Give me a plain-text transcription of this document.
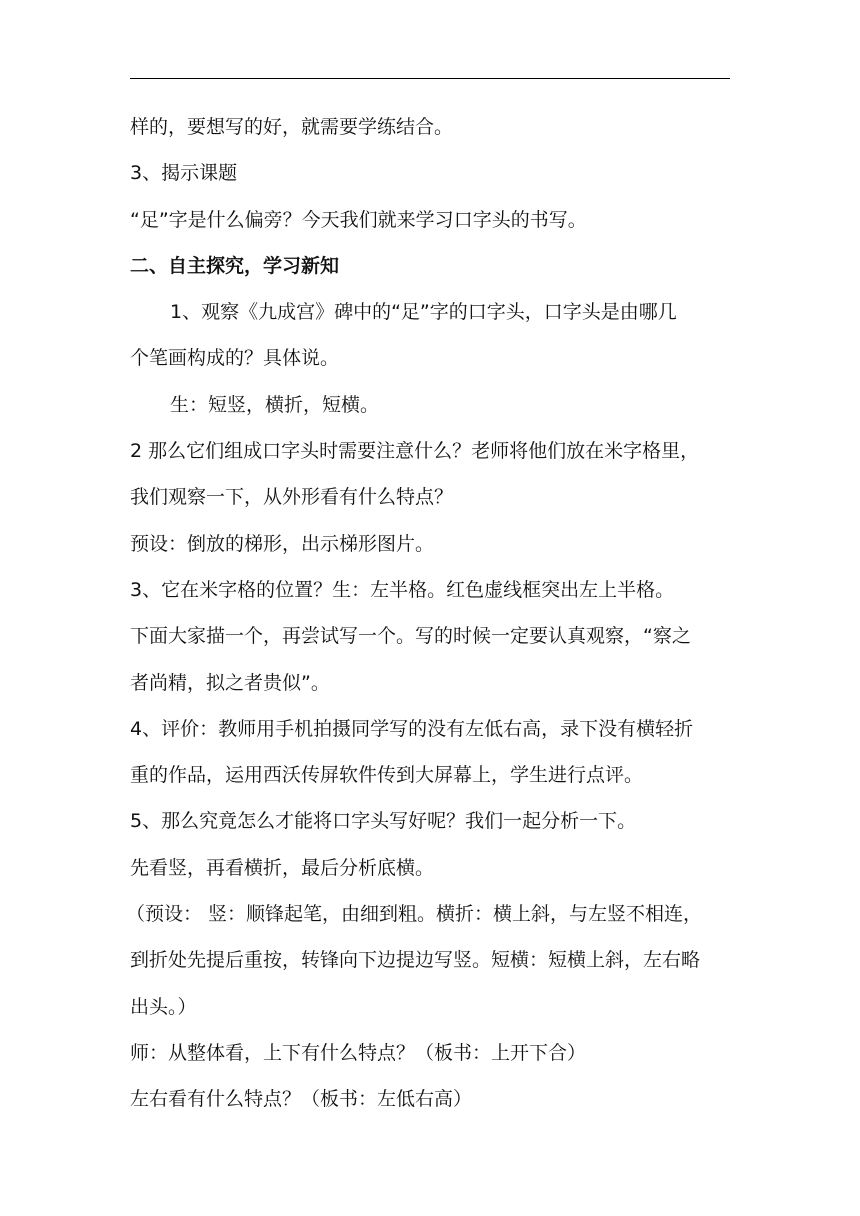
样的，要想写的好，就需要学练结合。
3、揭示课题
“足”字是什么偏旁？今天我们就来学习口字头的书写。
二、自主探究，学习新知
1、观察《九成宫》碑中的“足”字的口字头，口字头是由哪几
个笔画构成的？具体说。
生：短竖，横折，短横。
2 那么它们组成口字头时需要注意什么？老师将他们放在米字格里，
我们观察一下，从外形看有什么特点？
预设：倒放的梯形，出示梯形图片。
3、它在米字格的位置？生：左半格。红色虚线框突出左上半格。
下面大家描一个，再尝试写一个。写的时候一定要认真观察，“察之
者尚精，拟之者贵似”。
4、评价：教师用手机拍摄同学写的没有左低右高，录下没有横轻折
重的作品，运用西沃传屏软件传到大屏幕上，学生进行点评。
5、那么究竟怎么才能将口字头写好呢？我们一起分析一下。
先看竖，再看横折，最后分析底横。
（预设： 竖：顺锋起笔，由细到粗。横折：横上斜，与左竖不相连，
到折处先提后重按，转锋向下边提边写竖。短横：短横上斜，左右略
出头。）
师：从整体看，上下有什么特点？（板书：上开下合）
左右看有什么特点？（板书：左低右高）
